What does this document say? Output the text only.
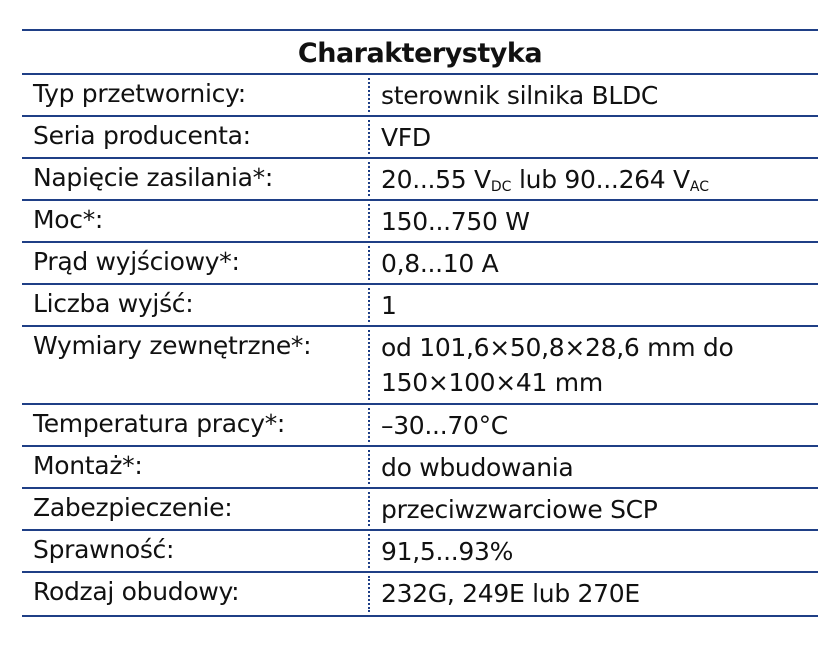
Charakterystyka
Typ przetwornicy:	sterownik silnika BLDC
Seria producenta:	VFD
Napięcie zasilania*:	20...55 $V_{DC}$ lub 90...264 $V_{AC}$
Moc*:	150...750 W
Prąd wyjściowy*:	0,8...10 A
Liczba wyjść:	1
Wymiary zewnętrzne*:	od 101,6×50,8×28,6 mm do
150×100×41 mm
Temperatura pracy*:	–30...70°C
Montaż*:	do wbudowania
Zabezpieczenie:	przeciwzwarciowe SCP
Sprawność:	91,5...93%
Rodzaj obudowy:	232G, 249E lub 270E
